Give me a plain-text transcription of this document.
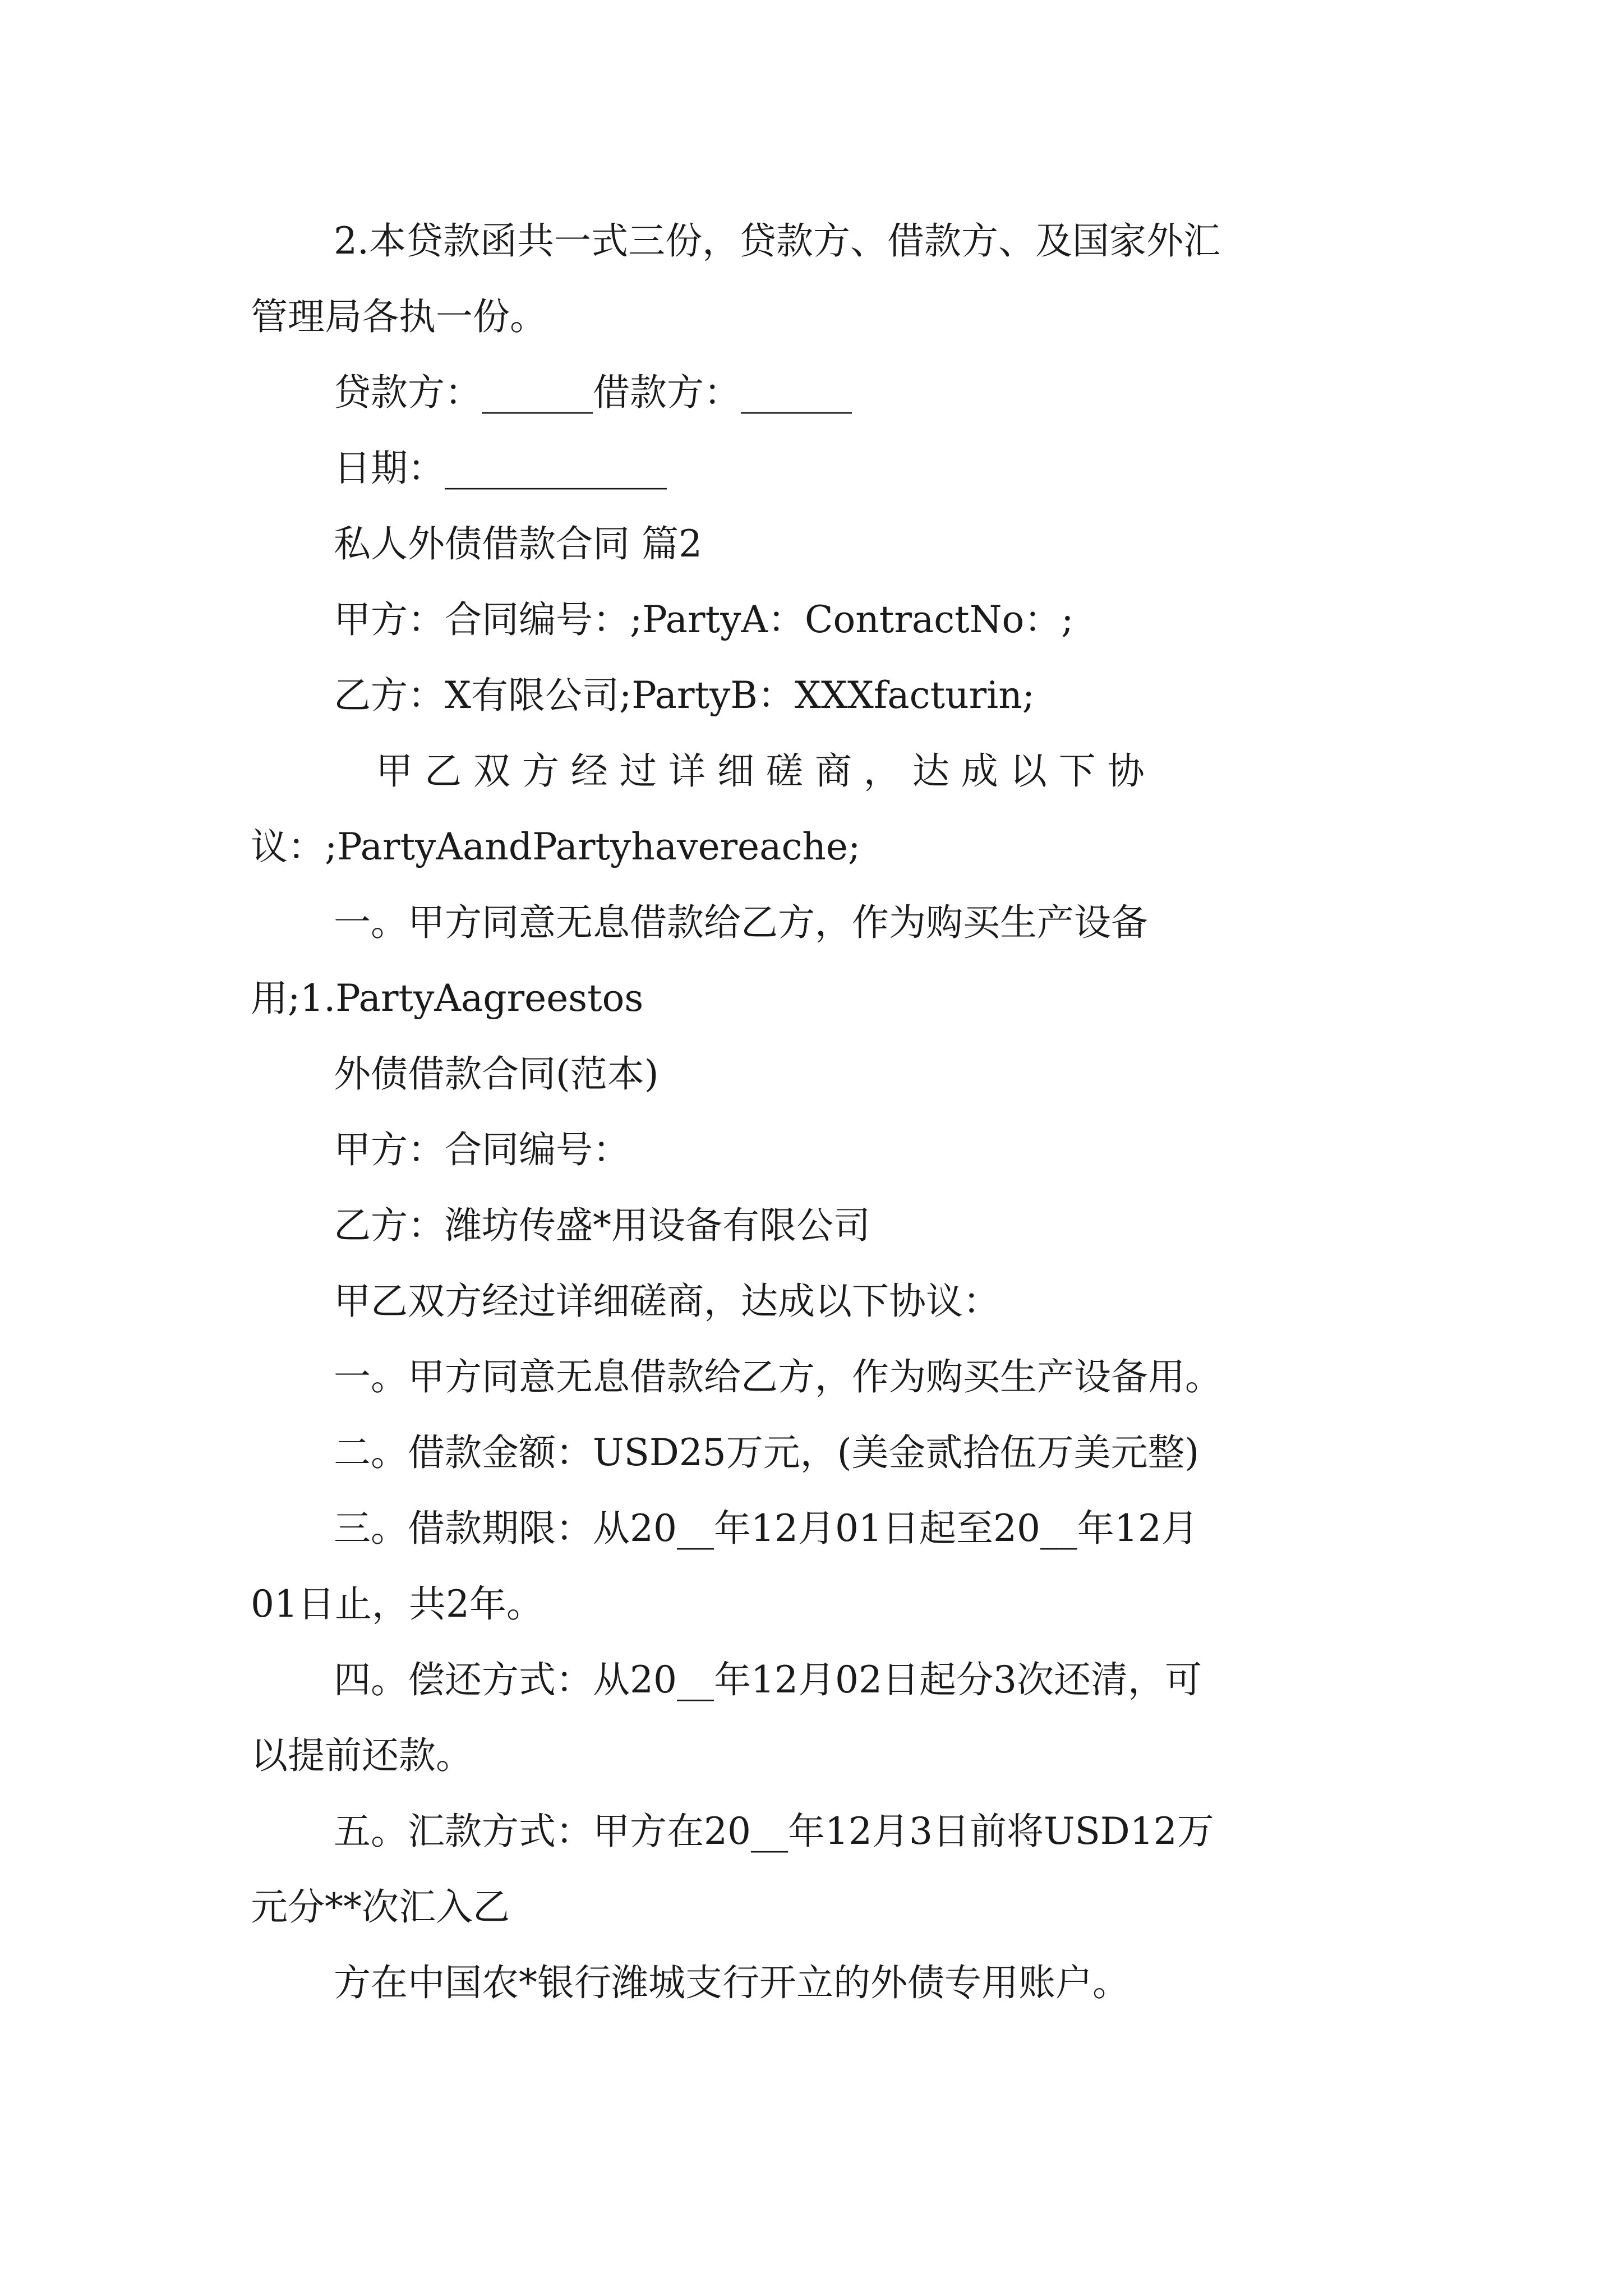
2.本贷款函共一式三份，贷款方、借款方、及国家外汇
管理局各执一份。
贷款方：______借款方：______
日期：____________
私人外债借款合同 篇2
甲方：合同编号：;PartyA：ContractNo：;
乙方：X有限公司;PartyB：XXXfacturin;
甲 乙 双 方 经 过 详 细 磋 商 ， 达 成 以 下 协
议：;PartyAandPartyhavereache;
一。甲方同意无息借款给乙方，作为购买生产设备
用;1.PartyAagreestos
外债借款合同(范本)
甲方：合同编号：
乙方：潍坊传盛*用设备有限公司
甲乙双方经过详细磋商，达成以下协议：
一。甲方同意无息借款给乙方，作为购买生产设备用。
二。借款金额：USD25万元，(美金贰拾伍万美元整)
三。借款期限：从20__年12月01日起至20__年12月
01日止，共2年。
四。偿还方式：从20__年12月02日起分3次还清，可
以提前还款。
五。汇款方式：甲方在20__年12月3日前将USD12万
元分**次汇入乙
方在中国农*银行潍城支行开立的外债专用账户。
